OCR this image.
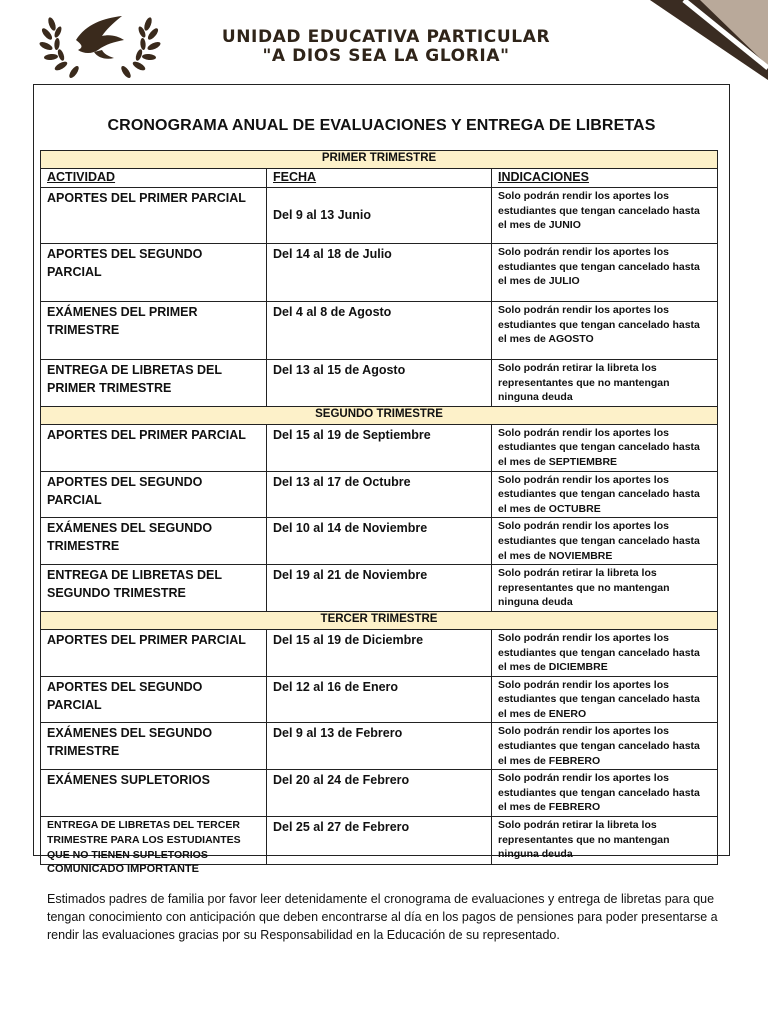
UNIDAD EDUCATIVA PARTICULAR
"A DIOS SEA LA GLORIA"
CRONOGRAMA ANUAL DE EVALUACIONES Y ENTREGA DE LIBRETAS
PRIMER TRIMESTRE		
ACTIVIDAD	FECHA	INDICACIONES
APORTES DEL PRIMER PARCIAL	Del 9 al 13 Junio	Solo podrán rendir los aportes los estudiantes que tengan cancelado hasta el mes de JUNIO
APORTES DEL SEGUNDO PARCIAL	Del 14 al 18 de Julio	Solo podrán rendir los aportes los estudiantes que tengan cancelado hasta el mes de JULIO
EXÁMENES DEL PRIMER TRIMESTRE	Del 4 al 8 de Agosto	Solo podrán rendir los aportes los estudiantes que tengan cancelado hasta el mes de AGOSTO
ENTREGA DE LIBRETAS DEL PRIMER TRIMESTRE	Del 13 al 15 de Agosto	Solo podrán retirar la libreta los representantes que no mantengan ninguna deuda
SEGUNDO TRIMESTRE		
APORTES DEL PRIMER PARCIAL	Del 15 al 19 de Septiembre	Solo podrán rendir los aportes los estudiantes que tengan cancelado hasta el mes de SEPTIEMBRE
APORTES DEL SEGUNDO PARCIAL	Del 13 al 17 de Octubre	Solo podrán rendir los aportes los estudiantes que tengan cancelado hasta el mes de OCTUBRE
EXÁMENES DEL SEGUNDO TRIMESTRE	Del 10 al 14 de Noviembre	Solo podrán rendir los aportes los estudiantes que tengan cancelado hasta el mes de NOVIEMBRE
ENTREGA DE LIBRETAS DEL SEGUNDO TRIMESTRE	Del 19 al 21 de Noviembre	Solo podrán retirar la libreta los representantes que no mantengan ninguna deuda
TERCER TRIMESTRE		
APORTES DEL PRIMER PARCIAL	Del 15 al 19 de Diciembre	Solo podrán rendir los aportes los estudiantes que tengan cancelado hasta el mes de DICIEMBRE
APORTES DEL SEGUNDO PARCIAL	Del 12 al 16 de Enero	Solo podrán rendir los aportes los estudiantes que tengan cancelado hasta el mes de ENERO
EXÁMENES DEL SEGUNDO TRIMESTRE	Del 9 al 13 de Febrero	Solo podrán rendir los aportes los estudiantes que tengan cancelado hasta el mes de FEBRERO
EXÁMENES SUPLETORIOS	Del 20 al 24 de Febrero	Solo podrán rendir los aportes los estudiantes que tengan cancelado hasta el mes de FEBRERO
ENTREGA DE LIBRETAS DEL TERCER TRIMESTRE PARA LOS ESTUDIANTES QUE NO TIENEN SUPLETORIOS	Del 25 al 27 de Febrero	Solo podrán retirar la libreta los representantes que no mantengan ninguna deuda
COMUNICADO IMPORTANTE
Estimados padres de familia por favor leer detenidamente el cronograma de evaluaciones y entrega de libretas para que tengan conocimiento con anticipación que deben encontrarse al día en los pagos de pensiones para poder presentarse a rendir las evaluaciones gracias por su Responsabilidad en la Educación de su representado.
